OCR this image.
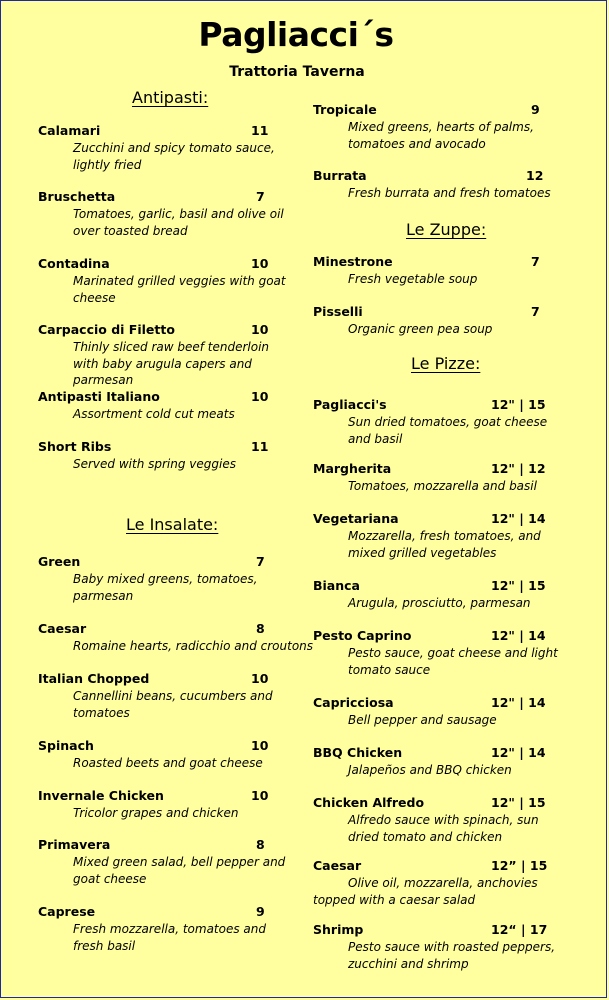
Pagliacci´s
Trattoria Taverna
Antipasti:
Calamari	11
Zucchini and spicy tomato sauce, lightly fried
Bruschetta	7
Tomatoes, garlic, basil and olive oil over toasted bread
Contadina	10
Marinated grilled veggies with goat cheese
Carpaccio di Filetto	10
Thinly sliced raw beef tenderloin with baby arugula capers and parmesan
Antipasti Italiano	10
Assortment cold cut meats
Short Ribs	11
Served with spring veggies
Le Insalate:
Green	7
Baby mixed greens, tomatoes, parmesan
Caesar	8
Romaine hearts, radicchio and croutons
Italian Chopped	10
Cannellini beans, cucumbers and tomatoes
Spinach	10
Roasted beets and goat cheese
Invernale Chicken	10
Tricolor grapes and chicken
Primavera	8
Mixed green salad, bell pepper and goat cheese
Caprese	9
Fresh mozzarella, tomatoes and fresh basil
Tropicale	9
Mixed greens, hearts of palms, tomatoes and avocado
Burrata	12
Fresh burrata and fresh tomatoes
Le Zuppe:
Minestrone	7
Fresh vegetable soup
Pisselli	7
Organic green pea soup
Le Pizze:
Pagliacci's	12" | 15
Sun dried tomatoes, goat cheese and basil
Margherita	12" | 12
Tomatoes, mozzarella and basil
Vegetariana	12" | 14
Mozzarella, fresh tomatoes, and mixed grilled vegetables
Bianca	12" | 15
Arugula, prosciutto, parmesan
Pesto Caprino	12" | 14
Pesto sauce, goat cheese and light tomato sauce
Capricciosa	12" | 14
Bell pepper and sausage
BBQ Chicken	12" | 14
Jalapeños and BBQ chicken
Chicken Alfredo	12" | 15
Alfredo sauce with spinach, sun dried tomato and chicken
Caesar	12” | 15
Olive oil, mozzarella, anchovies topped with a caesar salad
Shrimp	12“ | 17
Pesto sauce with roasted peppers, zucchini and shrimp
